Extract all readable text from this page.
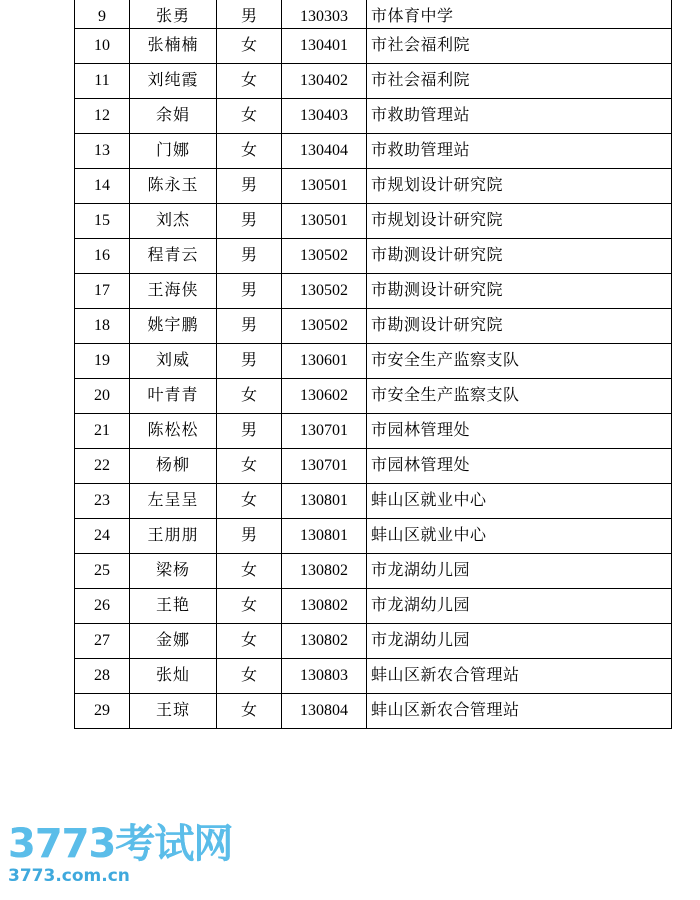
9	张勇	男	130303	市体育中学
10	张楠楠	女	130401	市社会福利院
11	刘纯霞	女	130402	市社会福利院
12	余娟	女	130403	市救助管理站
13	门娜	女	130404	市救助管理站
14	陈永玉	男	130501	市规划设计研究院
15	刘杰	男	130501	市规划设计研究院
16	程青云	男	130502	市勘测设计研究院
17	王海侠	男	130502	市勘测设计研究院
18	姚宇鹏	男	130502	市勘测设计研究院
19	刘威	男	130601	市安全生产监察支队
20	叶青青	女	130602	市安全生产监察支队
21	陈松松	男	130701	市园林管理处
22	杨柳	女	130701	市园林管理处
23	左呈呈	女	130801	蚌山区就业中心
24	王朋朋	男	130801	蚌山区就业中心
25	梁杨	女	130802	市龙湖幼儿园
26	王艳	女	130802	市龙湖幼儿园
27	金娜	女	130802	市龙湖幼儿园
28	张灿	女	130803	蚌山区新农合管理站
29	王琼	女	130804	蚌山区新农合管理站
3773考试网
3773.com.cn
